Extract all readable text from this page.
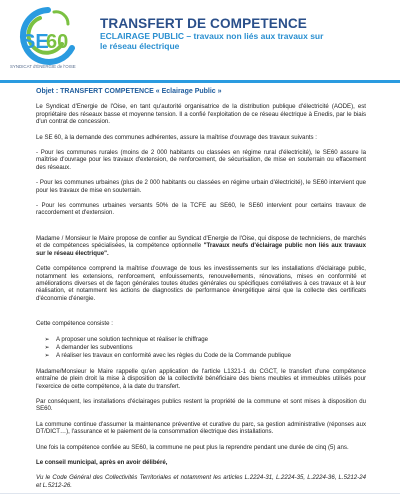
SE
60
SYNDICAT d'ÉNERGIE de l'OISE
TRANSFERT DE COMPETENCE
ECLAIRAGE PUBLIC – travaux non liés aux travaux sur le réseau électrique
Objet : TRANSFERT COMPETENCE « Eclairage Public »

Le Syndicat d'Energie de l'Oise, en tant qu'autorité organisatrice de la distribution publique d'électricité (AODE), est propriétaire des réseaux basse et moyenne tension. Il a confié l'exploitation de ce réseau électrique à Enedis, par le biais d'un contrat de concession.

Le SE 60, à la demande des communes adhérentes, assure la maîtrise d'ouvrage des travaux suivants :

- Pour les communes rurales (moins de 2 000 habitants ou classées en régime rural d'électricité), le SE60 assure la maîtrise d'ouvrage pour les travaux d'extension, de renforcement, de sécurisation, de mise en souterrain ou effacement des réseaux.

- Pour les communes urbaines (plus de 2 000 habitants ou classées en régime urbain d'électricité), le SE60 intervient que pour les travaux de mise en souterrain.

- Pour les communes urbaines versants 50% de la TCFE au SE60, le SE60 intervient pour certains travaux de raccordement et d'extension.

Madame / Monsieur le Maire propose de confier au Syndicat d'Energie de l'Oise, qui dispose de techniciens, de marchés et de compétences spécialisées, la compétence optionnelle "Travaux neufs d'éclairage public non liés aux travaux sur le réseau électrique".

Cette compétence comprend la maîtrise d'ouvrage de tous les investissements sur les installations d'éclairage public, notamment les extensions, renforcement, enfouissements, renouvellements, rénovations, mises en conformité et améliorations diverses et de façon générales toutes études générales ou spécifiques corrélatives à ces travaux et à leur réalisation, et notamment les actions de diagnostics de performance énergétique ainsi que la collecte des certificats d'économie d'énergie.

Cette compétence consiste :

➢ A proposer une solution technique et réaliser le chiffrage
➢ A demander les subventions
➢ A réaliser les travaux en conformité avec les règles du Code de la Commande publique

Madame/Monsieur le Maire rappelle qu'en application de l'article L1321-1 du CGCT, le transfert d'une compétence entraîne de plein droit la mise à disposition de la collectivité bénéficiaire des biens meubles et immeubles utilisés pour l'exercice de cette compétence, à la date du transfert.

Par conséquent, les installations d'éclairages publics restent la propriété de la commune et sont mises à disposition du SE60.

La commune continue d'assumer la maintenance préventive et curative du parc, sa gestion administrative (réponses aux DT/DICT…), l'assurance et le paiement de la consommation électrique des installations.

Une fois la compétence confiée au SE60, la commune ne peut plus la reprendre pendant une durée de cinq (5) ans.

Le conseil municipal, après en avoir délibéré,

Vu le Code Général des Collectivités Territoriales et notamment les articles L.2224-31, L.2224-35, L.2224-36, L.5212-24 et L.5212-26.
